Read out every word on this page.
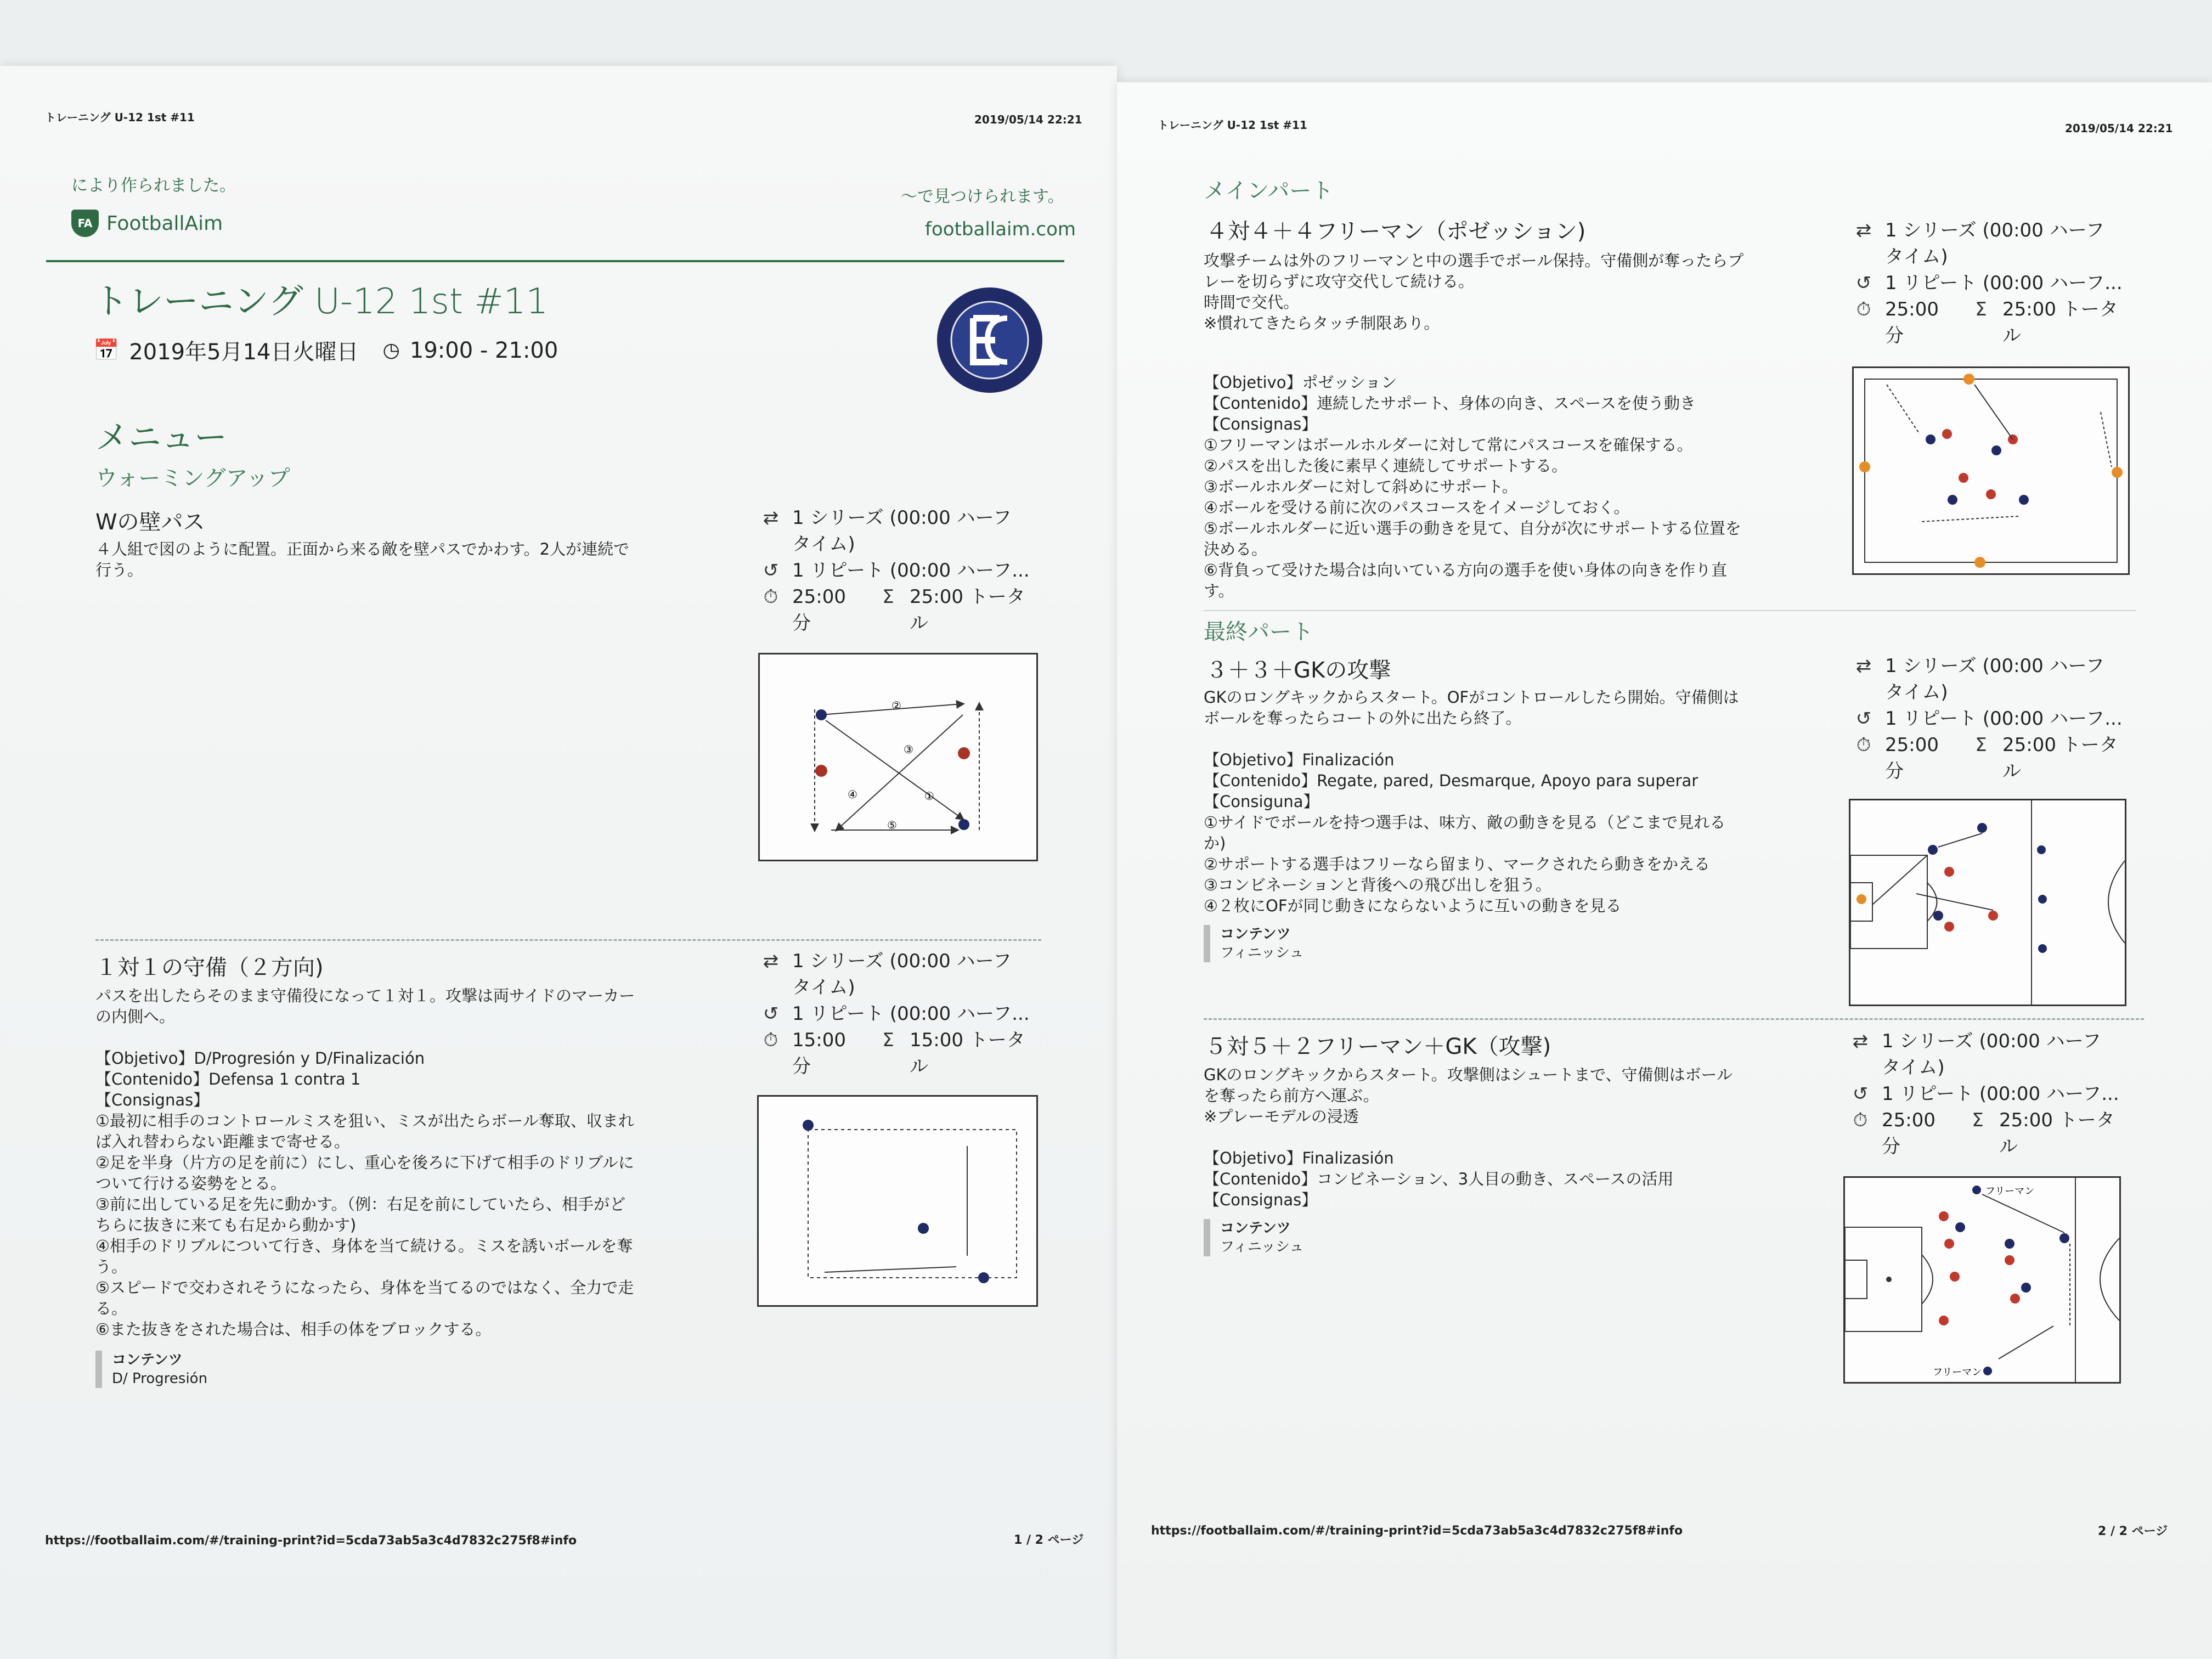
トレーニング U-12 1st #11	2019/05/14 22:21
により作られました。
FA FootballAim
〜で見つけられます。
footballaim.com
トレーニング U-12 1st #11
📅 2019年5月14日火曜日 ◷ 19:00 - 21:00
メニュー
ウォーミングアップ
Wの壁パス
４人組で図のように配置。正面から来る敵を壁パスでかわす。2人が連続で
行う。
⇄ 1 シリーズ (00:00 ハーフ
タイム)
↺ 1 リピート (00:00 ハーフ...
⏱ 25:00
分
Σ 25:00 トータ
ル
②
③
④	①
⑤
１対１の守備（２方向)
パスを出したらそのまま守備役になって１対１。攻撃は両サイドのマーカー
の内側へ。

【Objetivo】D/Progresión y D/Finalización
【Contenido】Defensa 1 contra 1
【Consignas】
①最初に相手のコントロールミスを狙い、ミスが出たらボール奪取、収まれ
ば入れ替わらない距離まで寄せる。
②足を半身（片方の足を前に）にし、重心を後ろに下げて相手のドリブルに
ついて行ける姿勢をとる。
③前に出している足を先に動かす。（例：右足を前にしていたら、相手がど
ちらに抜きに来ても右足から動かす)
④相手のドリブルについて行き、身体を当て続ける。ミスを誘いボールを奪
う。
⑤スピードで交わされそうになったら、身体を当てるのではなく、全力で走
る。
⑥また抜きをされた場合は、相手の体をブロックする。
⇄ 1 シリーズ (00:00 ハーフ
タイム)
↺ 1 リピート (00:00 ハーフ...
⏱ 15:00
分
Σ 15:00 トータ
ル
コンテンツ
D/ Progresión
https://footballaim.com/#/training-print?id=5cda73ab5a3c4d7832c275f8#info	1 / 2 ページ
トレーニング U-12 1st #11	2019/05/14 22:21
メインパート
４対４＋４フリーマン（ポゼッション)
攻撃チームは外のフリーマンと中の選手でボール保持。守備側が奪ったらプ
レーを切らずに攻守交代して続ける。
時間で交代。
※慣れてきたらタッチ制限あり。
【Objetivo】ポゼッション
【Contenido】連続したサポート、身体の向き、スペースを使う動き
【Consignas】
①フリーマンはボールホルダーに対して常にパスコースを確保する。
②パスを出した後に素早く連続してサポートする。
③ボールホルダーに対して斜めにサポート。
④ボールを受ける前に次のパスコースをイメージしておく。
⑤ボールホルダーに近い選手の動きを見て、自分が次にサポートする位置を
決める。
⑥背負って受けた場合は向いている方向の選手を使い身体の向きを作り直
す。
⇄ 1 シリーズ (00:00 ハーフ
タイム)
↺ 1 リピート (00:00 ハーフ...
⏱ 25:00
分
Σ 25:00 トータ
ル
最終パート
３＋３＋GKの攻撃
GKのロングキックからスタート。OFがコントロールしたら開始。守備側は
ボールを奪ったらコートの外に出たら終了。

【Objetivo】Finalización
【Contenido】Regate, pared, Desmarque, Apoyo para superar
【Consiguna】
①サイドでボールを持つ選手は、味方、敵の動きを見る（どこまで見れる
か)
②サポートする選手はフリーなら留まり、マークされたら動きをかえる
③コンビネーションと背後への飛び出しを狙う。
④２枚にOFが同じ動きにならないように互いの動きを見る
⇄ 1 シリーズ (00:00 ハーフ
タイム)
↺ 1 リピート (00:00 ハーフ...
⏱ 25:00
分
Σ 25:00 トータ
ル
コンテンツ
フィニッシュ
５対５＋２フリーマン＋GK（攻撃)
GKのロングキックからスタート。攻撃側はシュートまで、守備側はボール
を奪ったら前方へ運ぶ。
※プレーモデルの浸透

【Objetivo】Finalizasión
【Contenido】コンビネーション、3人目の動き、スペースの活用
【Consignas】
⇄ 1 シリーズ (00:00 ハーフ
タイム)
↺ 1 リピート (00:00 ハーフ...
⏱ 25:00
分
Σ 25:00 トータ
ル
フリーマン
フリーマン
コンテンツ
フィニッシュ
https://footballaim.com/#/training-print?id=5cda73ab5a3c4d7832c275f8#info	2 / 2 ページ
